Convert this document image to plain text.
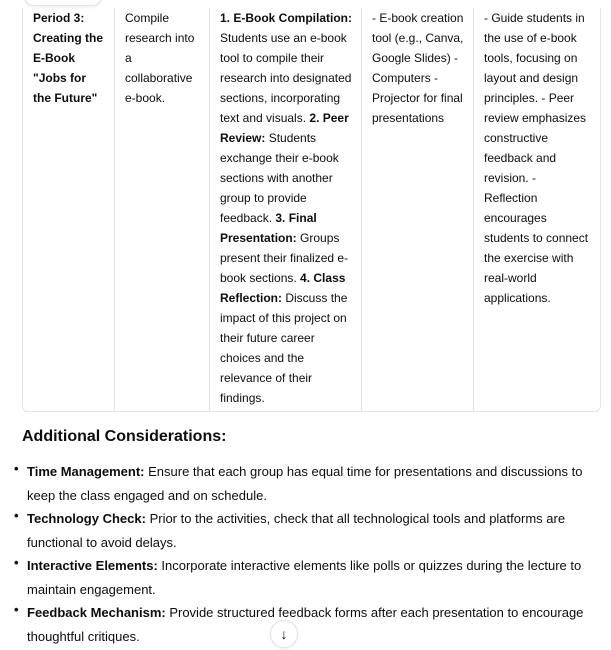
Period 3: Creating the E-Book "Jobs for the Future"	Compile research into a collaborative e-book.	1. E-Book Compilation: Students use an e-book tool to compile their research into designated sections, incorporating text and visuals. 2. Peer Review: Students exchange their e-book sections with another group to provide feedback. 3. Final Presentation: Groups present their finalized e-book sections. 4. Class Reflection: Discuss the impact of this project on their future career choices and the relevance of their findings.	- E-book creation tool (e.g., Canva, Google Slides) - Computers - Projector for final presentations	- Guide students in the use of e-book tools, focusing on layout and design principles. - Peer review emphasizes constructive feedback and revision. - Reflection encourages students to connect the exercise with real-world applications.
Additional Considerations:
• Time Management: Ensure that each group has equal time for presentations and discussions to keep the class engaged and on schedule.
• Technology Check: Prior to the activities, check that all technological tools and platforms are functional to avoid delays.
• Interactive Elements: Incorporate interactive elements like polls or quizzes during the lecture to maintain engagement.
• Feedback Mechanism: Provide structured feedback forms after each presentation to encourage thoughtful critiques.	↓
